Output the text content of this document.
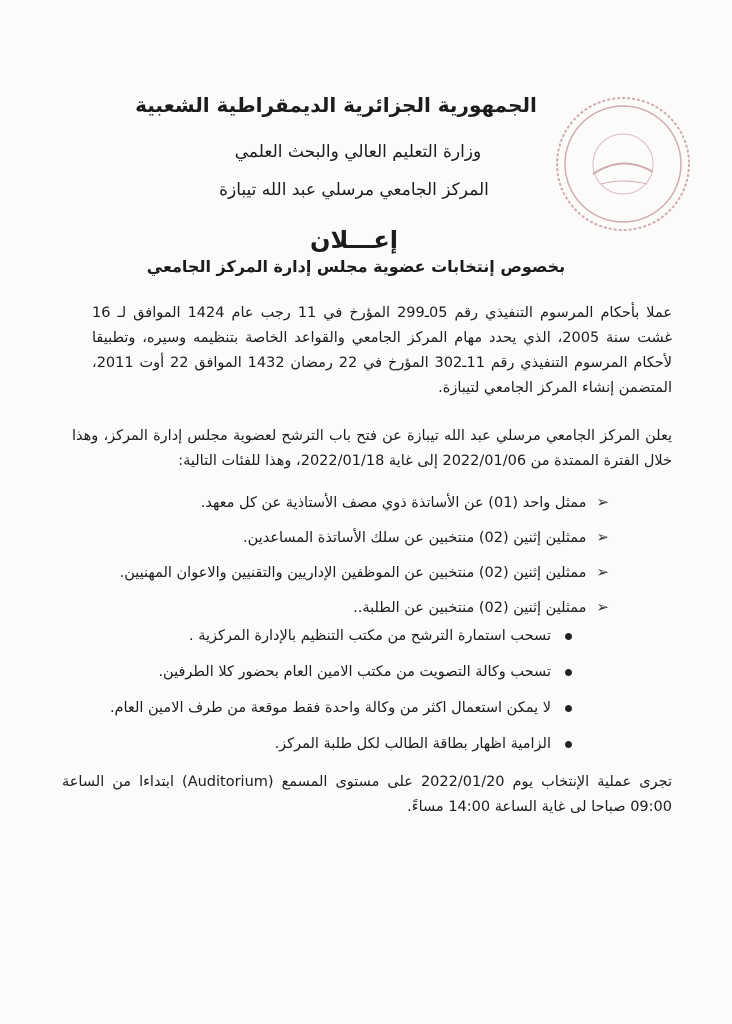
الجمهورية الجزائرية الديمقراطية الشعبية
وزارة التعليم العالي والبحث العلمي
المركز الجامعي مرسلي عبد الله تيبازة
إعـــلان
بخصوص إنتخابات عضوية مجلس إدارة المركز الجامعي
عملا بأحكام المرسوم التنفيذي رقم 05ـ299 المؤرخ في 11 رجب عام 1424 الموافق لـ 16 غشت سنة 2005، الذي يحدد مهام المركز الجامعي والقواعد الخاصة بتنظيمه وسيره، وتطبيقا لأحكام المرسوم التنفيذي رقم 11ـ302 المؤرخ في 22 رمضان 1432 الموافق 22 أوت 2011، المتضمن إنشاء المركز الجامعي لتيبازة.
يعلن المركز الجامعي مرسلي عبد الله تيبازة عن فتح باب الترشح لعضوية مجلس إدارة المركز، وهذا خلال الفترة الممتدة من 2022/01/06 إلى غاية 2022/01/18، وهذا للفئات التالية:
➢ممثل واحد (01) عن الأساتذة ذوي مصف الأستاذية عن كل معهد.
➢ممثلين إثنين (02) منتخبين عن سلك الأساتذة المساعدين.
➢ممثلين إثنين (02) منتخبين عن الموظفين الإداريين والتقنيين والاعوان المهنيين.
➢ممثلين إثنين (02) منتخبين عن الطلبة..
تسحب استمارة الترشح من مكتب التنظيم بالإدارة المركزية .
تسحب وكالة التصويت من مكتب الامين العام بحضور كلا الطرفين.
لا يمكن استعمال اكثر من وكالة واحدة فقط موقعة من طرف الامين العام.
الزامية اظهار بطاقة الطالب لكل طلبة المركز.
تجرى عملية الإنتخاب يوم 2022/01/20 على مستوى المسمع (Auditorium) ابتداءا من الساعة 09:00 صباحا لى غاية الساعة 14:00 مساءً.
